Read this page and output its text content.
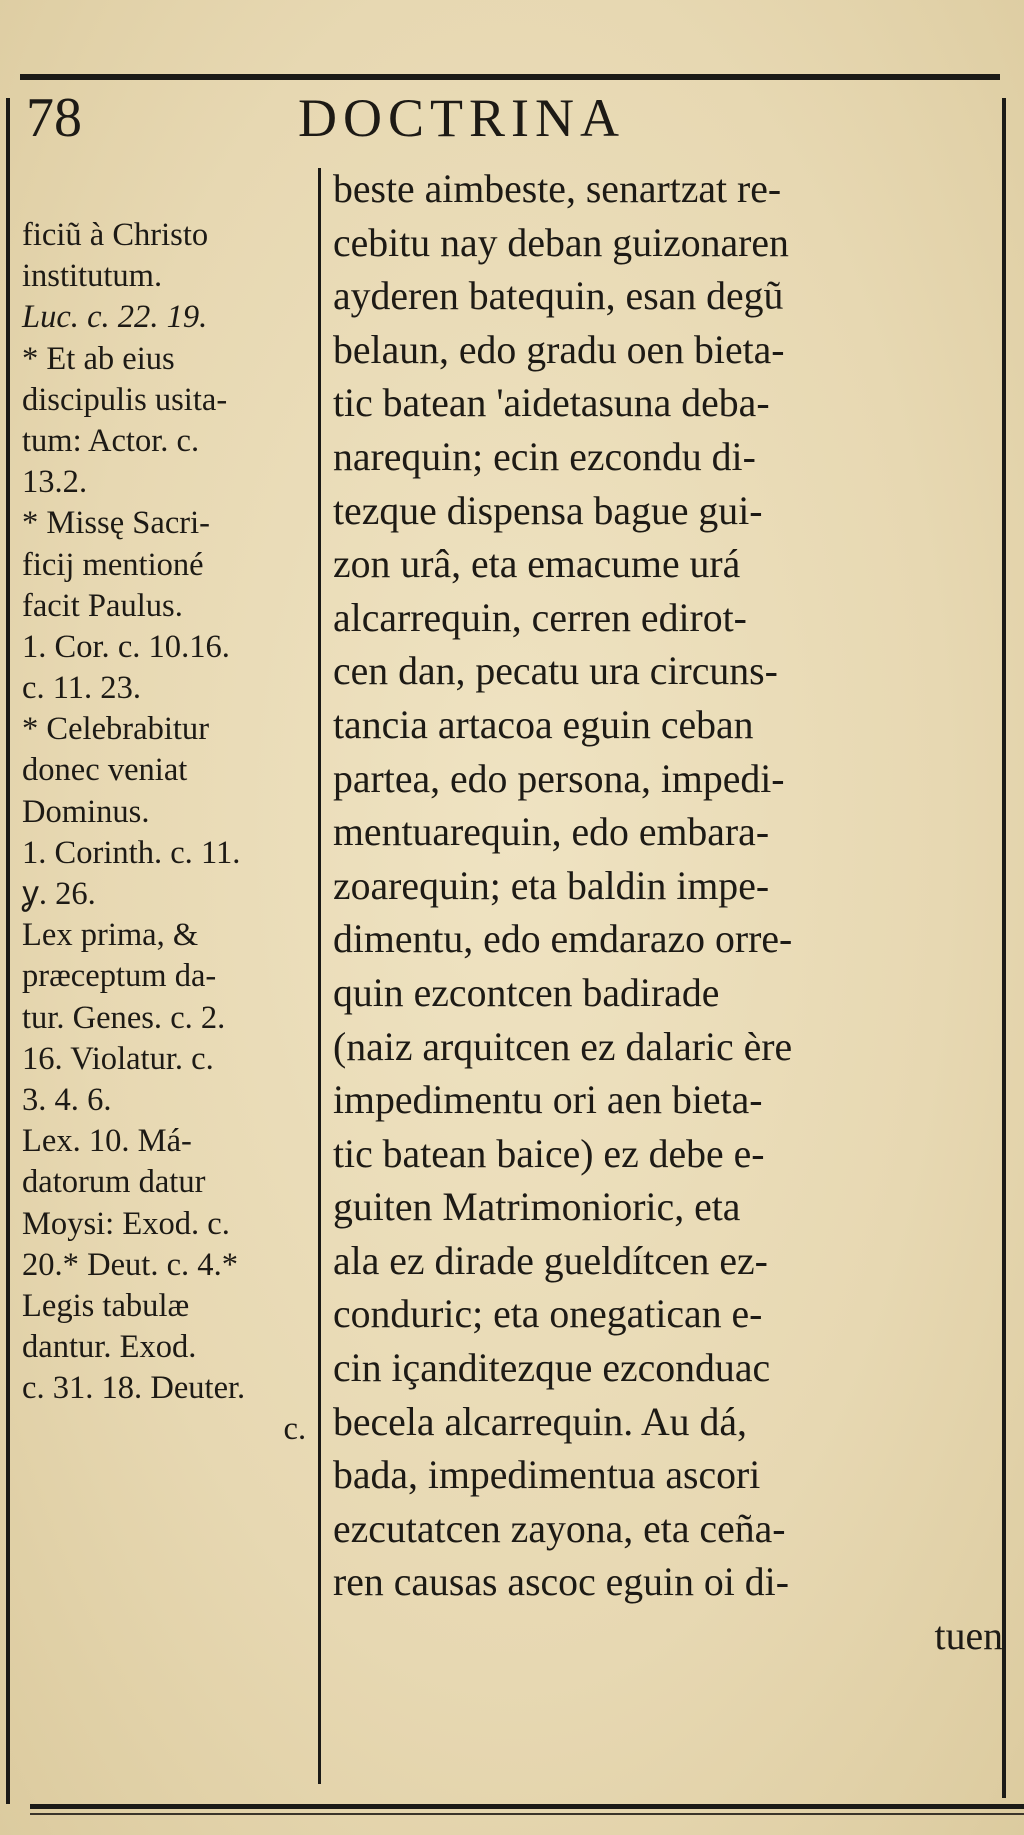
78	DOCTRINA
ficiũ à Christo
institutum.
Luc. c. 22. 19.
* Et ab eius
discipulis usita-
tum: Actor. c.
13.2.
* Missę Sacri-
ficij mentioné
facit Paulus.
1. Cor. c. 10.16.
c. 11. 23.
* Celebrabitur
donec veniat
Dominus.
1. Corinth. c. 11.
ỿ. 26.
Lex prima, &
præceptum da-
tur. Genes. c. 2.
16. Violatur. c.
3. 4. 6.
Lex. 10. Má-
datorum datur
Moysi: Exod. c.
20.* Deut. c. 4.*
Legis tabulæ
dantur. Exod.
c. 31. 18. Deuter.
c.
beste aimbeste, senartzat re-
cebitu nay deban guizonaren
ayderen batequin, esan degũ
belaun, edo gradu oen bieta-
tic batean 'aidetasuna deba-
narequin; ecin ezcondu di-
tezque dispensa bague gui-
zon urâ, eta emacume urá
alcarrequin, cerren edirot-
cen dan, pecatu ura circuns-
tancia artacoa eguin ceban
partea, edo persona, impedi-
mentuarequin, edo embara-
zoarequin; eta baldin impe-
dimentu, edo emdarazo orre-
quin ezcontcen badirade
(naiz arquitcen ez dalaric ère
impedimentu ori aen bieta-
tic batean baice) ez debe e-
guiten Matrimonioric, eta
ala ez dirade gueldítcen ez-
conduric; eta onegatican e-
cin içanditezque ezconduac
becela alcarrequin. Au dá,
bada, impedimentua ascori
ezcutatcen zayona, eta ceña-
ren causas ascoc eguin oi di-
tuen
